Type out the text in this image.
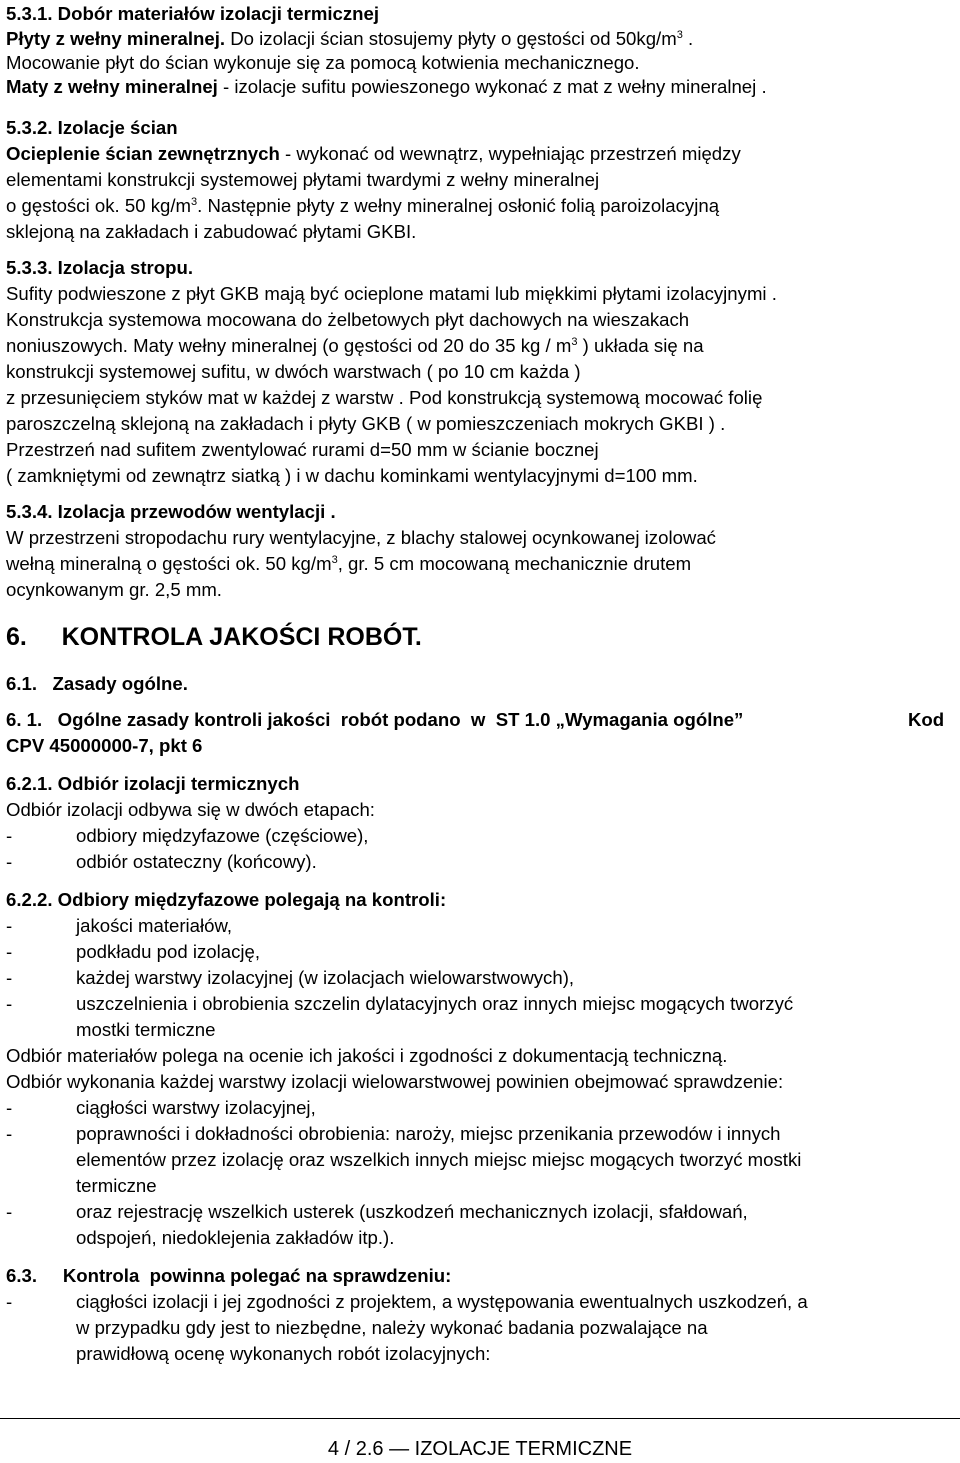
5.3.1. Dobór materiałów izolacji termicznej
Płyty z wełny mineralnej. Do izolacji ścian stosujemy płyty o gęstości od $50kg/m^3$ .
Mocowanie płyt do ścian wykonuje się za pomocą kotwienia mechanicznego.
Maty z wełny mineralnej - izolacje sufitu powieszonego wykonać z mat z wełny mineralnej .
5.3.2. Izolacje ścian
Ocieplenie ścian zewnętrznych - wykonać od wewnątrz, wypełniając przestrzeń między
elementami konstrukcji systemowej płytami twardymi z wełny mineralnej
o gęstości ok. 50 $kg/m^3$. Następnie płyty z wełny mineralnej osłonić folią paroizolacyjną
sklejoną na zakładach i zabudować płytami GKBI.
5.3.3. Izolacja stropu.
Sufity podwieszone z płyt GKB mają być ocieplone matami lub miękkimi płytami izolacyjnymi .
Konstrukcja systemowa mocowana do żelbetowych płyt dachowych na wieszakach
noniuszowych. Maty wełny mineralnej (o gęstości od 20 do 35 kg / $m^3$ ) układa się na
konstrukcji systemowej sufitu, w dwóch warstwach ( po 10 cm każda )
z przesunięciem styków mat w każdej z warstw . Pod konstrukcją systemową mocować folię
paroszczelną sklejoną na zakładach i płyty GKB ( w pomieszczeniach mokrych GKBI ) .
Przestrzeń nad sufitem zwentylować rurami d=50 mm w ścianie bocznej
( zamkniętymi od zewnątrz siatką ) i w dachu kominkami wentylacyjnymi d=100 mm.
5.3.4. Izolacja przewodów wentylacji .
W przestrzeni stropodachu rury wentylacyjne, z blachy stalowej ocynkowanej izolować
wełną mineralną o gęstości ok. 50 $kg/m^3$, gr. 5 cm mocowaną mechanicznie drutem
ocynkowanym gr. 2,5 mm.
6.     KONTROLA JAKOŚCI ROBÓT.
6.1.   Zasady ogólne.
6. 1.   Ogólne zasady kontroli jakości  robót podano  w  ST 1.0 „Wymagania ogólne”	Kod
CPV 45000000-7, pkt 6
6.2.1. Odbiór izolacji termicznych
Odbiór izolacji odbywa się w dwóch etapach:
-	odbiory międzyfazowe (częściowe),
-	odbiór ostateczny (końcowy).
6.2.2. Odbiory międzyfazowe polegają na kontroli:
-	jakości materiałów,
-	podkładu pod izolację,
-	każdej warstwy izolacyjnej (w izolacjach wielowarstwowych),
-	uszczelnienia i obrobienia szczelin dylatacyjnych oraz innych miejsc mogących tworzyć
mostki termiczne
Odbiór materiałów polega na ocenie ich jakości i zgodności z dokumentacją techniczną.
Odbiór wykonania każdej warstwy izolacji wielowarstwowej powinien obejmować sprawdzenie:
-	ciągłości warstwy izolacyjnej,
-	poprawności i dokładności obrobienia: naroży, miejsc przenikania przewodów i innych
elementów przez izolację oraz wszelkich innych miejsc miejsc mogących tworzyć mostki
termiczne
-	oraz rejestrację wszelkich usterek (uszkodzeń mechanicznych izolacji, sfałdowań,
odspojeń, niedoklejenia zakładów itp.).
6.3.     Kontrola  powinna polegać na sprawdzeniu:
-	ciągłości izolacji i jej zgodności z projektem, a występowania ewentualnych uszkodzeń, a
w przypadku gdy jest to niezbędne, należy wykonać badania pozwalające na
prawidłową ocenę wykonanych robót izolacyjnych:
4 / 2.6 — IZOLACJE TERMICZNE
